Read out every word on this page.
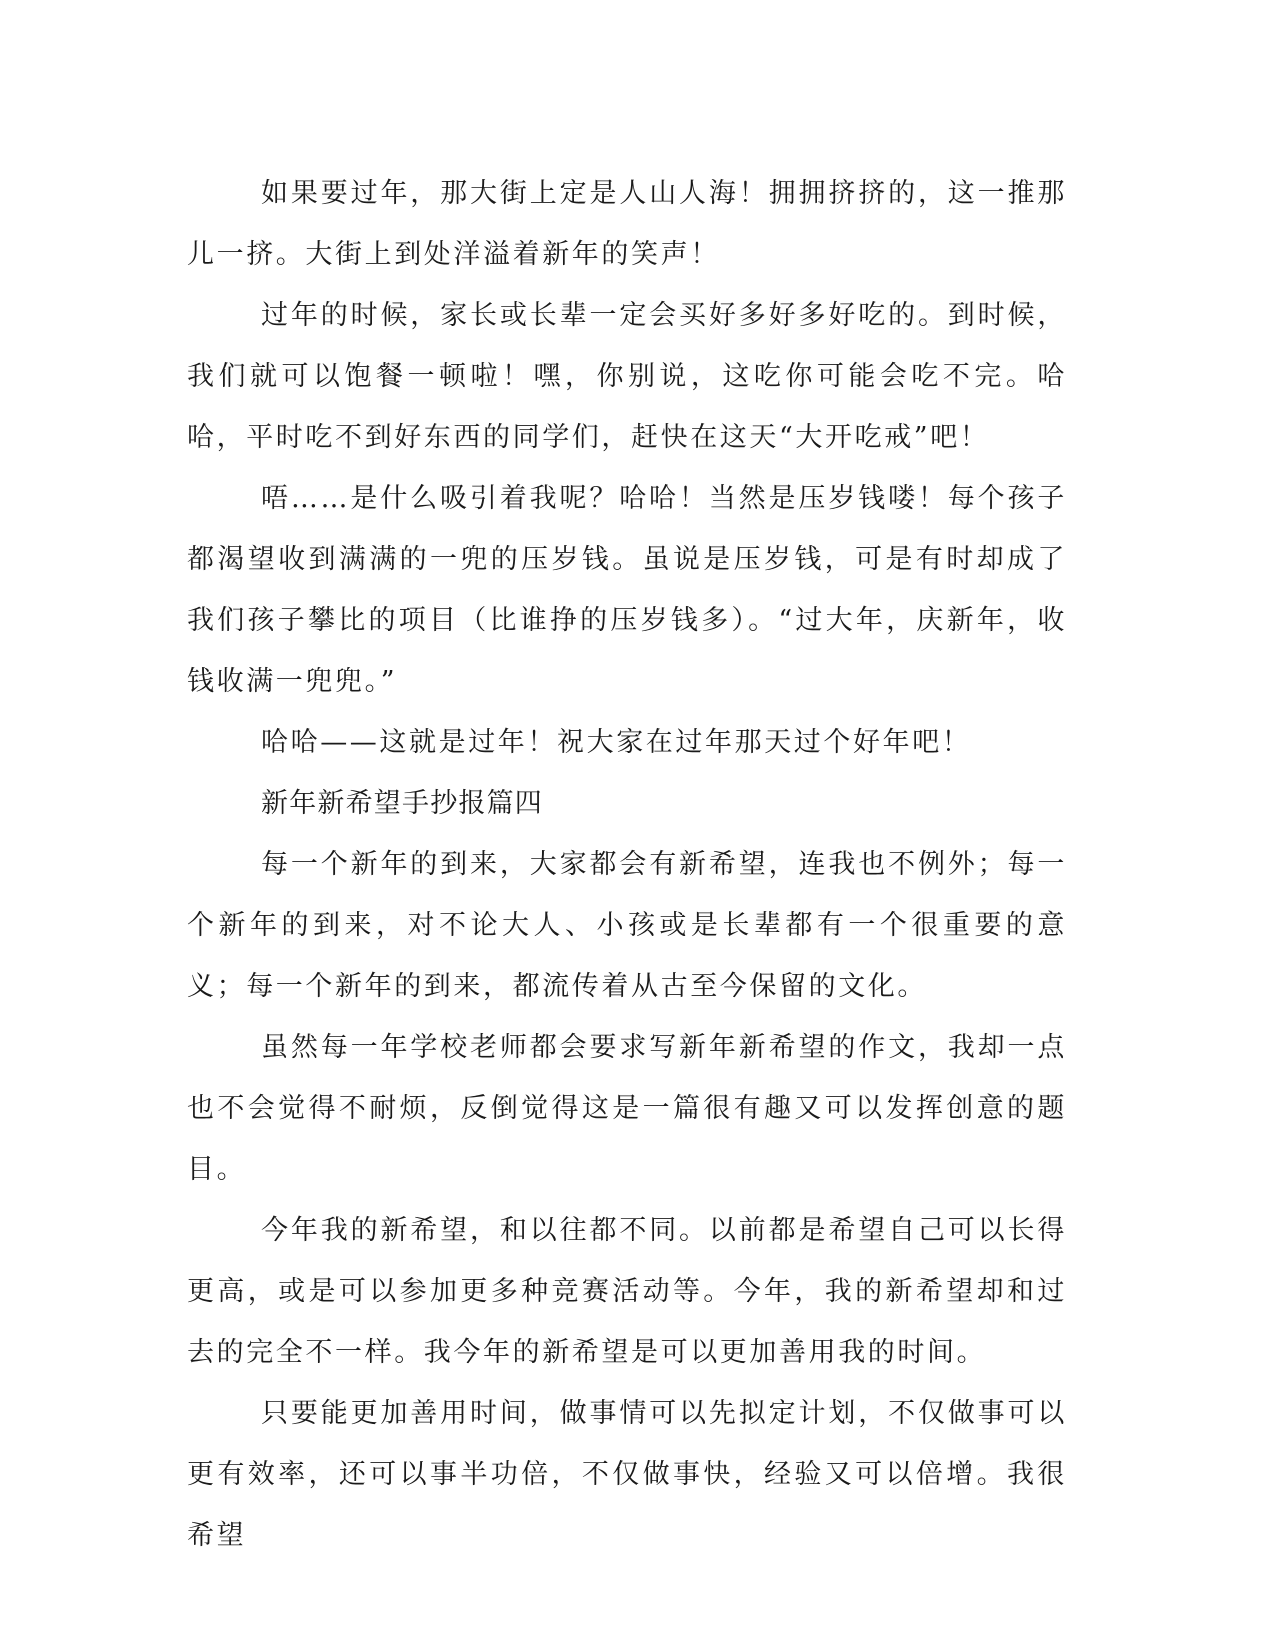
如果要过年，那大街上定是人山人海！拥拥挤挤的，这一推那儿一挤。大街上到处洋溢着新年的笑声！

过年的时候，家长或长辈一定会买好多好多好吃的。到时候，我们就可以饱餐一顿啦！嘿，你别说，这吃你可能会吃不完。哈哈，平时吃不到好东西的同学们，赶快在这天“大开吃戒”吧！

唔……是什么吸引着我呢？哈哈！当然是压岁钱喽！每个孩子都渴望收到满满的一兜的压岁钱。虽说是压岁钱，可是有时却成了我们孩子攀比的项目（比谁挣的压岁钱多）。“过大年，庆新年，收钱收满一兜兜。”

哈哈——这就是过年！祝大家在过年那天过个好年吧！

新年新希望手抄报篇四

每一个新年的到来，大家都会有新希望，连我也不例外；每一个新年的到来，对不论大人、小孩或是长辈都有一个很重要的意义；每一个新年的到来，都流传着从古至今保留的文化。

虽然每一年学校老师都会要求写新年新希望的作文，我却一点也不会觉得不耐烦，反倒觉得这是一篇很有趣又可以发挥创意的题目。

今年我的新希望，和以往都不同。以前都是希望自己可以长得更高，或是可以参加更多种竞赛活动等。今年，我的新希望却和过去的完全不一样。我今年的新希望是可以更加善用我的时间。

只要能更加善用时间，做事情可以先拟定计划，不仅做事可以更有效率，还可以事半功倍，不仅做事快，经验又可以倍增。我很希望
